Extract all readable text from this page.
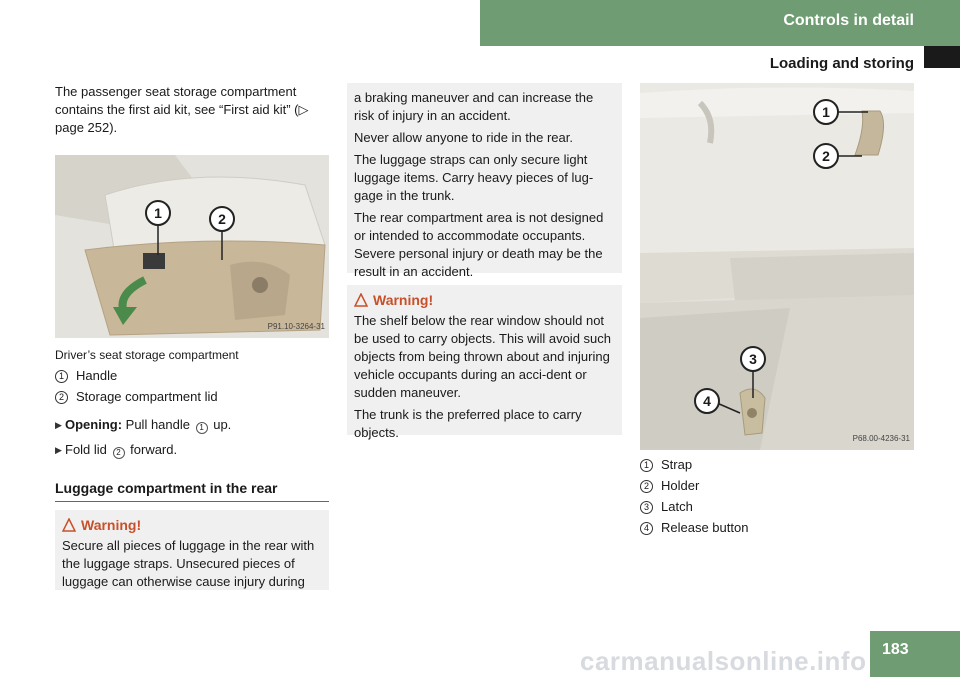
Controls in detail
Loading and storing

The passenger seat storage compartment contains the first aid kit, see “First aid kit” (▷ page 252).

1	2
P91.10-3264-31
Driver’s seat storage compartment
1 Handle
2 Storage compartment lid
▶ Opening: Pull handle 1 up.
▶ Fold lid 2 forward.
Luggage compartment in the rear
Warning!

Secure all pieces of luggage in the rear with the luggage straps. Unsecured pieces of luggage can otherwise cause injury during

a braking maneuver and can increase the risk of injury in an accident.

Never allow anyone to ride in the rear.

The luggage straps can only secure light luggage items. Carry heavy pieces of lug-gage in the trunk.

The rear compartment area is not designed or intended to accommodate occupants. Severe personal injury or death may be the result in an accident.

Warning!

The shelf below the rear window should not be used to carry objects. This will avoid such objects from being thrown about and injuring vehicle occupants during an acci-dent or sudden maneuver.

The trunk is the preferred place to carry objects.

1
2
3
4
P68.00-4236-31
1 Strap
2 Holder
3 Latch
4 Release button
carmanualsonline.info 183
